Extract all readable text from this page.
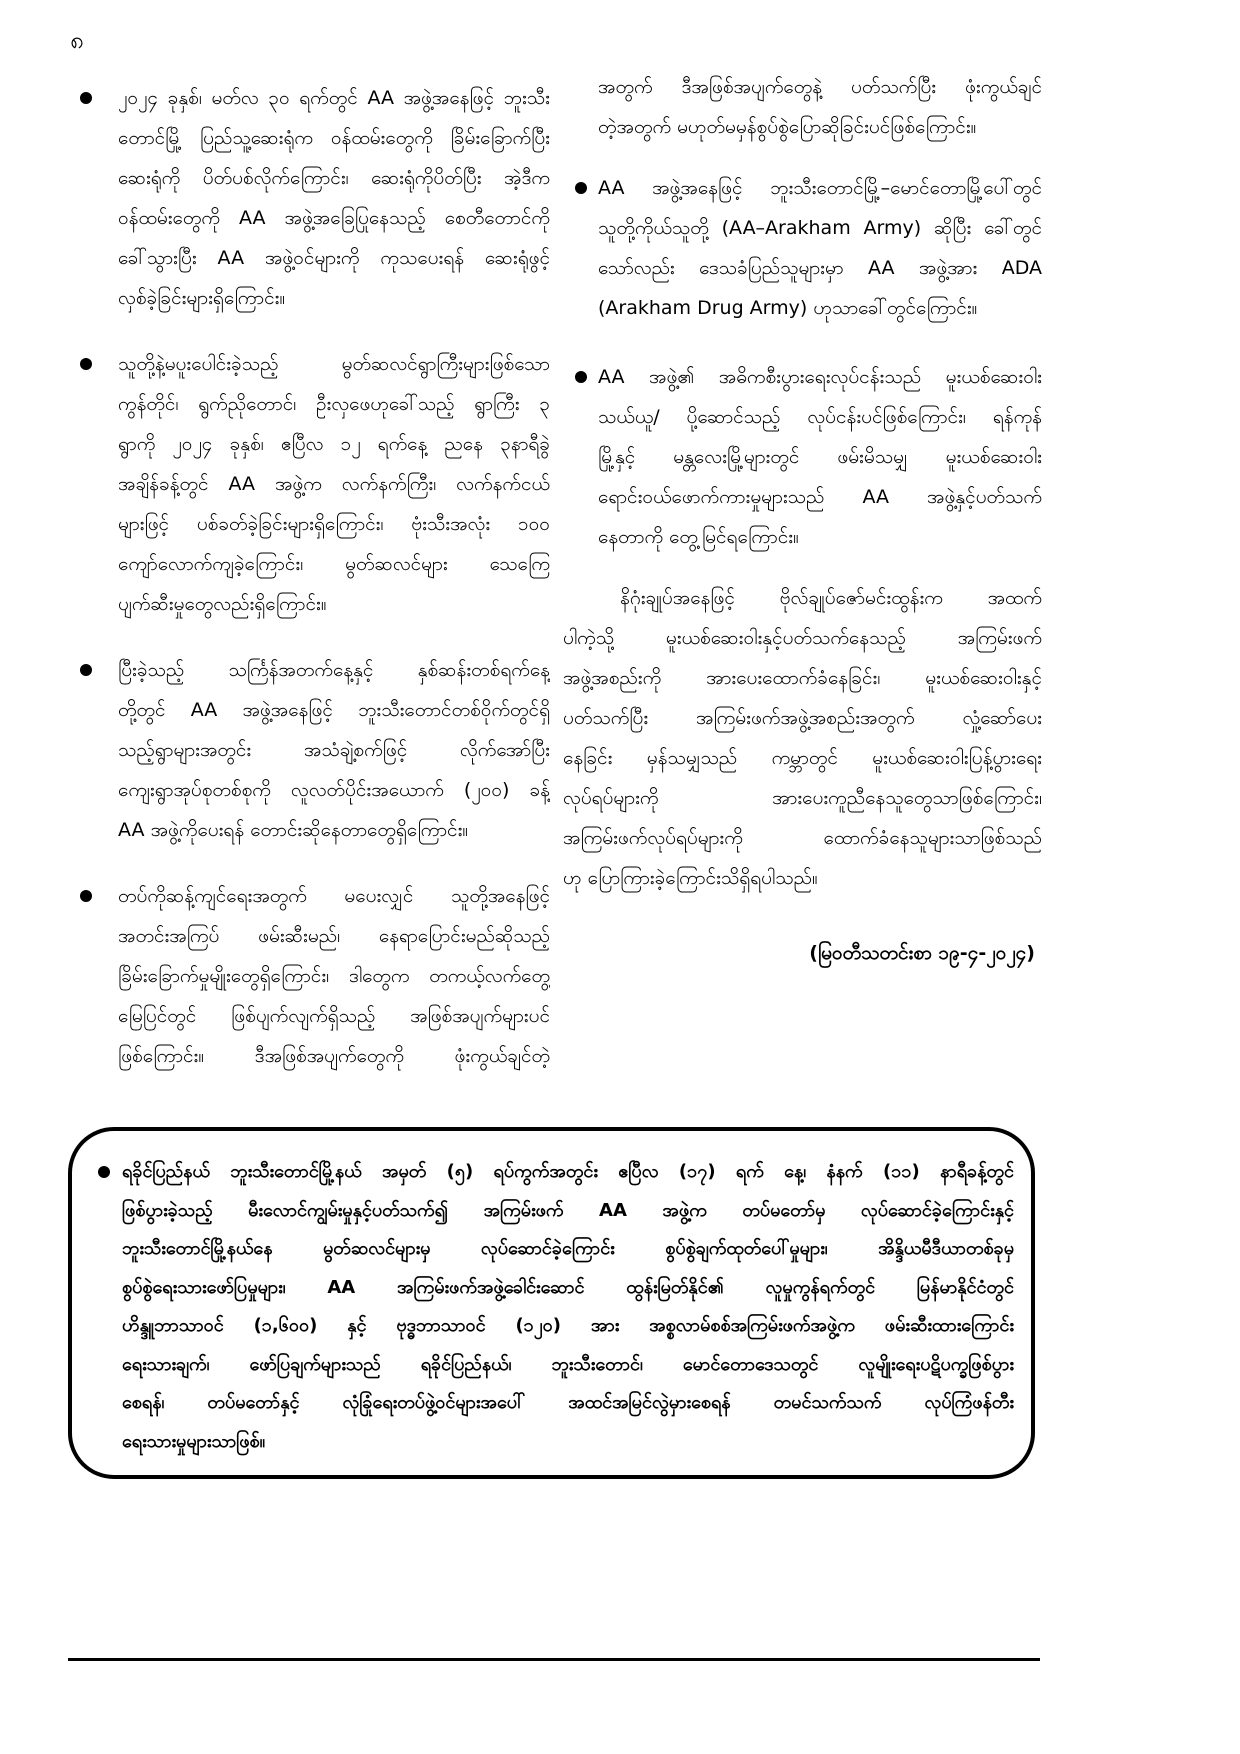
၈
၂၀၂၄ ခုနှစ်၊ မတ်လ ၃၀ ရက်တွင် AA အဖွဲ့အနေဖြင့် ဘူးသီး
တောင်မြို့ ပြည်သူ့ဆေးရုံက ဝန်ထမ်းတွေကို ခြိမ်းခြောက်ပြီး
ဆေးရုံကို ပိတ်ပစ်လိုက်ကြောင်း၊ ဆေးရုံကိုပိတ်ပြီး အဲ့ဒီက
ဝန်ထမ်းတွေကို AA အဖွဲ့အခြေပြုနေသည့် စေတီတောင်ကို
ခေါ်သွားပြီး AA အဖွဲ့ဝင်များကို ကုသပေးရန် ဆေးရုံဖွင့်
လှစ်ခဲ့ခြင်းများရှိကြောင်း။
သူတို့နဲ့မပူးပေါင်းခဲ့သည့် မွတ်ဆလင်ရွာကြီးများဖြစ်သော
ကွန်တိုင်၊ ရွက်ညိုတောင်၊ ဦးလှဖေဟုခေါ်သည့် ရွာကြီး ၃
ရွာကို ၂၀၂၄ ခုနှစ်၊ ဧပြီလ ၁၂ ရက်နေ့ ညနေ ၃နာရီခွဲ
အချိန်ခန့်တွင် AA အဖွဲ့က လက်နက်ကြီး၊ လက်နက်ငယ်
များဖြင့် ပစ်ခတ်ခဲ့ခြင်းများရှိကြောင်း၊ ဗုံးသီးအလုံး ၁၀၀
ကျော်လောက်ကျခဲ့ကြောင်း၊ မွတ်ဆလင်များ သေကြေ
ပျက်ဆီးမှုတွေလည်းရှိကြောင်း။
ပြီးခဲ့သည့် သင်္ကြန်အတက်နေ့နှင့် နှစ်ဆန်းတစ်ရက်နေ့
တို့တွင် AA အဖွဲ့အနေဖြင့် ဘူးသီးတောင်တစ်ဝိုက်တွင်ရှိ
သည့်ရွာများအတွင်း အသံချဲ့စက်ဖြင့် လိုက်အော်ပြီး
ကျေးရွာအုပ်စုတစ်စုကို လူလတ်ပိုင်းအယောက် (၂၀၀) ခန့်
AA အဖွဲ့ကိုပေးရန် တောင်းဆိုနေတာတွေရှိကြောင်း။
တပ်ကိုဆန့်ကျင်ရေးအတွက် မပေးလျှင် သူတို့အနေဖြင့်
အတင်းအကြပ် ဖမ်းဆီးမည်၊ နေရာပြောင်းမည်ဆိုသည့်
ခြိမ်းခြောက်မှုမျိုးတွေရှိကြောင်း၊ ဒါတွေက တကယ့်လက်တွေ့
မြေပြင်တွင် ဖြစ်ပျက်လျက်ရှိသည့် အဖြစ်အပျက်များပင်
ဖြစ်ကြောင်း။ ဒီအဖြစ်အပျက်တွေကို ဖုံးကွယ်ချင်တဲ့
အတွက် ဒီအဖြစ်အပျက်တွေနဲ့ ပတ်သက်ပြီး ဖုံးကွယ်ချင်
တဲ့အတွက် မဟုတ်မမှန်စွပ်စွဲပြောဆိုခြင်းပင်ဖြစ်ကြောင်း။
AA အဖွဲ့အနေဖြင့် ဘူးသီးတောင်မြို့–မောင်တောမြို့ပေါ်တွင်
သူတို့ကိုယ်သူတို့ (AA–Arakham Army) ဆိုပြီး ခေါ်တွင်
သော်လည်း ဒေသခံပြည်သူများမှာ AA အဖွဲ့အား ADA
(Arakham Drug Army) ဟုသာခေါ်တွင်ကြောင်း။
AA အဖွဲ့၏ အဓိကစီးပွားရေးလုပ်ငန်းသည် မူးယစ်ဆေးဝါး
သယ်ယူ/ ပို့ဆောင်သည့် လုပ်ငန်းပင်ဖြစ်ကြောင်း၊ ရန်ကုန်
မြို့နှင့် မန္တလေးမြို့များတွင် ဖမ်းမိသမျှ မူးယစ်ဆေးဝါး
ရောင်းဝယ်ဖောက်ကားမှုများသည် AA အဖွဲ့နှင့်ပတ်သက်
နေတာကို တွေ့မြင်ရကြောင်း။
နိဂုံးချုပ်အနေဖြင့် ဗိုလ်ချုပ်ဇော်မင်းထွန်းက အထက်
ပါကဲ့သို့ မူးယစ်ဆေးဝါးနှင့်ပတ်သက်နေသည့် အကြမ်းဖက်
အဖွဲ့အစည်းကို အားပေးထောက်ခံနေခြင်း၊ မူးယစ်ဆေးဝါးနှင့်
ပတ်သက်ပြီး အကြမ်းဖက်အဖွဲ့အစည်းအတွက် လှုံ့ဆော်ပေး
နေခြင်း မှန်သမျှသည် ကမ္ဘာတွင် မူးယစ်ဆေးဝါးပြန့်ပွားရေး
လုပ်ရပ်များကို အားပေးကူညီနေသူတွေသာဖြစ်ကြောင်း၊
အကြမ်းဖက်လုပ်ရပ်များကို ထောက်ခံနေသူများသာဖြစ်သည်
ဟု ပြောကြားခဲ့ကြောင်းသိရှိရပါသည်။
(မြဝတီသတင်းစာ ၁၉-၄-၂၀၂၄)
ရခိုင်ပြည်နယ် ဘူးသီးတောင်မြို့နယ် အမှတ် (၅) ရပ်ကွက်အတွင်း ဧပြီလ (၁၇) ရက် နေ့၊ နံနက် (၁၁) နာရီခန့်တွင်
ဖြစ်ပွားခဲ့သည့် မီးလောင်ကျွမ်းမှုနှင့်ပတ်သက်၍ အကြမ်းဖက် AA အဖွဲ့က တပ်မတော်မှ လုပ်ဆောင်ခဲ့ကြောင်းနှင့်
ဘူးသီးတောင်မြို့နယ်နေ မွတ်ဆလင်များမှ လုပ်ဆောင်ခဲ့ကြောင်း စွပ်စွဲချက်ထုတ်ပေါ်မှုများ၊ အိန္ဒိယမီဒီယာတစ်ခုမှ
စွပ်စွဲရေးသားဖော်ပြမှုများ၊ AA အကြမ်းဖက်အဖွဲ့ခေါင်းဆောင် ထွန်းမြတ်နိုင်၏ လူမှုကွန်ရက်တွင် မြန်မာနိုင်ငံတွင်
ဟိန္ဒူဘာသာဝင် (၁,၆၀၀) နှင့် ဗုဒ္ဓဘာသာဝင် (၁၂၀) အား အစ္စလာမ်စစ်အကြမ်းဖက်အဖွဲ့က ဖမ်းဆီးထားကြောင်း
ရေးသားချက်၊ ဖော်ပြချက်များသည် ရခိုင်ပြည်နယ်၊ ဘူးသီးတောင်၊ မောင်တောဒေသတွင် လူမျိုးရေးပဋိပက္ခဖြစ်ပွား
စေရန်၊ တပ်မတော်နှင့် လုံခြုံရေးတပ်ဖွဲ့ဝင်များအပေါ် အထင်အမြင်လွဲမှားစေရန် တမင်သက်သက် လုပ်ကြံဖန်တီး
ရေးသားမှုများသာဖြစ်။
